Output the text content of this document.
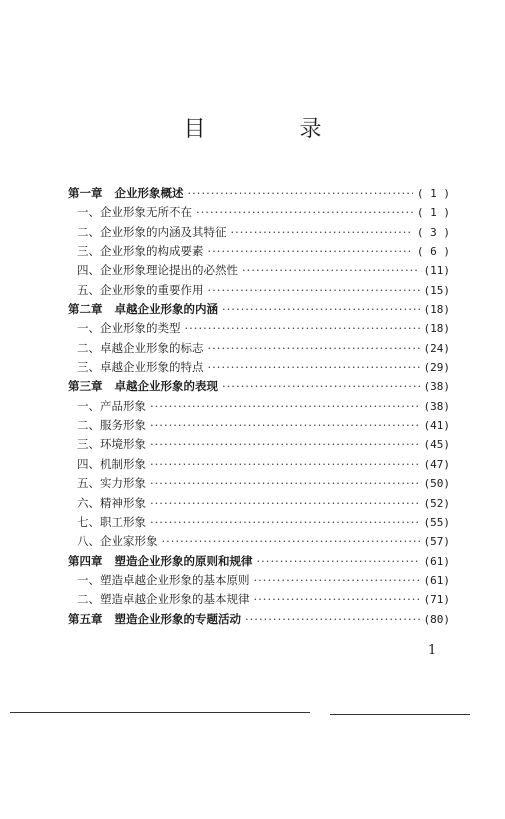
目　录
第一章 企业形象概述 ·····	( 1 )
一、企业形象无所不在 ·····	( 1 )
二、企业形象的内涵及其特征 ·····	( 3 )
三、企业形象的构成要素 ·····	( 6 )
四、企业形象理论提出的必然性 ·····	(11)
五、企业形象的重要作用 ·····	(15)
第二章 卓越企业形象的内涵 ·····	(18)
一、企业形象的类型 ·····	(18)
二、卓越企业形象的标志 ·····	(24)
三、卓越企业形象的特点 ·····	(29)
第三章 卓越企业形象的表现 ·····	(38)
一、产品形象 ·····	(38)
二、服务形象 ·····	(41)
三、环境形象 ·····	(45)
四、机制形象 ·····	(47)
五、实力形象 ·····	(50)
六、精神形象 ·····	(52)
七、职工形象 ·····	(55)
八、企业家形象 ·····	(57)
第四章 塑造企业形象的原则和规律 ·····	(61)
一、塑造卓越企业形象的基本原则 ·····	(61)
二、塑造卓越企业形象的基本规律 ·····	(71)
第五章 塑造企业形象的专题活动 ·····	(80)
1
